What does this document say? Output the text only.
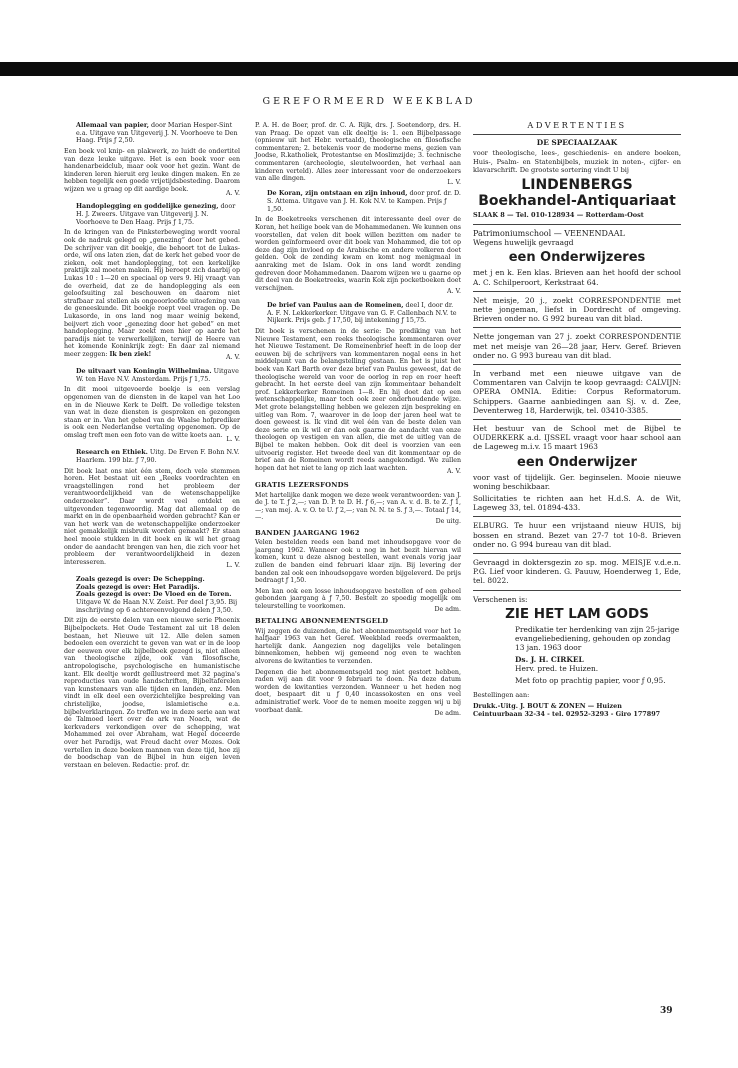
GEREFORMEERD WEEKBLAD
Allemaal van papier, door Marian Hesper-Sint e.a. Uitgave van Uitgeverij J. N. Voorhoeve te Den Haag. Prijs ƒ 2,50.

Een boek vol knip- en plakwerk, zo luidt de ondertitel van deze leuke uitgave. Het is een boek voor een handenarbeidclub, maar ook voor het gezin. Want de kinderen leren hieruit erg leuke dingen maken. En ze hebben tegelijk een goede vrijetijdsbesteding. Daarom wijzen we u graag op dit aardige boek.

A. V.
Handoplegging en goddelijke genezing, door H. J. Zweers. Uitgave van Uitgeverij J. N. Voorhoeve te Den Haag. Prijs ƒ 1,75.

In de kringen van de Pinksterbeweging wordt vooral ook de nadruk gelegd op „genezing” door het gebed. De schrijver van dit boekje, die behoort tot de Lukas-orde, wil ons laten zien, dat de kerk het gebed voor de zieken, ook met handoplegging, tot een kerkelijke praktijk zal moeten maken. Hij beroept zich daarbij op Lukas 10 : 1—20 en speciaal op vers 9. Hij vraagt van de overheid, dat ze de handoplegging als een geloofsuiting zal beschouwen en daarom niet strafbaar zal stellen als ongeoorloofde uitoefening van de geneeskunde. Dit boekje roept veel vragen op. De Lukasorde, in ons land nog maar weinig bekend, beijvert zich voor „genezing door het gebed” en met handoplegging. Maar zoekt men hier op aarde het paradijs niet te verwerkelijken, terwijl de Heere van het komende Koninkrijk zegt: En daar zal niemand meer zeggen: Ik ben ziek!

A. V.
De uitvaart van Koningin Wilhelmina. Uitgave W. ten Have N.V. Amsterdam. Prijs ƒ 1,75.

In dit mooi uitgevoerde boekje is een verslag opgenomen van de diensten in de kapel van het Loo en in de Nieuwe Kerk te Delft. De volledige teksten van wat in deze diensten is gesproken en gezongen staan er in. Van het gebed van de Waalse hofprediker is ook een Nederlandse vertaling opgenomen. Op de omslag treft men een foto van de witte koets aan.

L. V.
Research en Ethiek. Uitg. De Erven F. Bohn N.V. Haarlem. 199 blz. ƒ 7,90.

Dit boek laat ons niet één stem, doch vele stemmen horen. Het bestaat uit een „Reeks voordrachten en vraagstellingen rond het probleem der verantwoordelijkheid van de wetenschappelijke onderzoeker”. Daar wordt veel ontdekt en uitgevonden tegenwoordig. Mag dat allemaal op de markt en in de openbaarheid worden gebracht? Kan er van het werk van de wetenschappelijke onderzoeker niet gemakkelijk misbruik worden gemaakt? Er staan heel mooie stukken in dit boek en ik wil het graag onder de aandacht brengen van hen, die zich voor het probleem der verantwoordelijkheid in dezen interesseren.

L. V.
Zoals gezegd is over: De Schepping.
Zoals gezegd is over: Het Paradijs.
Zoals gezegd is over: De Vloed en de Toren.
Uitgave W. de Haan N.V. Zeist. Per deel ƒ 3,95. Bij inschrijving op 6 achtereenvolgend delen ƒ 3,50.

Dit zijn de eerste delen van een nieuwe serie Phoenix Bijbelpockets. Het Oude Testament zal uit 18 delen bestaan, het Nieuwe uit 12. Alle delen samen bedoelen een overzicht te geven van wat er in de loop der eeuwen over elk bijbelboek gezegd is, niet alleen van theologische zijde, ook van filosofische, antropologische, psychologische en humanistische kant. Elk deeltje wordt geïllustreerd met 32 pagina's reproducties van oude handschriften, Bijbeltaferelen van kunstenaars van alle tijden en landen, enz. Men vindt in elk deel een overzichtelijke bespreking van christelijke, joodse, islamietische e.a. bijbelverklaringen. Zo treffen we in deze serie aan wat de Talmoed leert over de ark van Noach, wat de kerkvaders verkondigen over de schepping, wat Mohammed zei over Abraham, wat Hegel doceerde over het Paradijs, wat Freud dacht over Mozes. Ook vertellen in deze boeken mannen van deze tijd, hoe zij de boodschap van de Bijbel in hun eigen leven verstaan en beleven. Redactie: prof. dr.

P. A. H. de Boer, prof. dr. C. A. Rijk, drs. J. Soetendorp, drs. H. van Praag. De opzet van elk deeltje is: 1. een Bijbelpassage (opnieuw uit het Hebr. vertaald), theologische en filosofische commentaren; 2. betekenis voor de moderne mens, gezien van Joodse, R.katholiek, Protestantse en Moslimzijde; 3. technische commentaren (archeologie, sleutelwoorden, het verhaal aan kinderen verteld). Alles zeer interessant voor de onderzoekers van alle dingen.

L. V.
De Koran, zijn ontstaan en zijn inhoud, door prof. dr. D. S. Attema. Uitgave van J. H. Kok N.V. te Kampen. Prijs ƒ 1,50.

In de Boeketreeks verschenen dit interessante deel over de Koran, het heilige boek van de Mohammedanen. We kunnen ons voorstellen, dat velen dit boek willen bezitten om nader te worden geïnformeerd over dit boek van Mohammed, die tot op deze dag zijn invloed op de Arabische en andere volkeren doet gelden. Ook de zending kwam en komt nog menigmaal in aanraking met de Islam. Ook in ons land wordt zending gedreven door Mohammedanen. Daarom wijzen we u gaarne op dit deel van de Boeketreeks, waarin Kok zijn pocketboeken doet verschijnen.

A. V.
De brief van Paulus aan de Romeinen, deel I, door dr. A. F. N. Lekkerkerker. Uitgave van G. F. Callenbach N.V. te Nijkerk. Prijs geb. ƒ 17,50, bij intekening ƒ 15,75.

Dit boek is verschenen in de serie: De prediking van het Nieuwe Testament, een reeks theologische kommentaren over het Nieuwe Testament. De Romeinenbrief heeft in de loop der eeuwen bij de schrijvers van kommentaren nogal eens in het middelpunt van de belangstelling gestaan. En het is juist het boek van Karl Barth over deze brief van Paulus geweest, dat de theologische wereld van voor de oorlog in rep en roer heeft gebracht. In het eerste deel van zijn kommentaar behandelt prof. Lekkerkerker Romeinen 1—8. En hij doet dat op een wetenschappelijke, maar toch ook zeer onderhoudende wijze. Met grote belangstelling hebben we gelezen zijn bespreking en uitleg van Rom. 7, waarover in de loop der jaren heel wat te doen geweest is. Ik vind dit wel één van de beste delen van deze serie en ik wil er dan ook gaarne de aandacht van onze theologen op vestigen en van allen, die met de uitleg van de Bijbel te maken hebben. Ook dit deel is voorzien van een uitvoerig register. Het tweede deel van dit kommentaar op de brief aan de Romeinen wordt reeds aangekondigd. We zullen hopen dat het niet te lang op zich laat wachten.

A. V.
GRATIS LEZERSFONDS

Met hartelijke dank mogen we deze week verantwoorden: van J. de J. te T. ƒ 2,—; van D. P. te D. H. ƒ 6,—; van A. v. d. B. te Z. ƒ 1,—; van mej. A. v. O. te U. ƒ 2,—; van N. N. te S. ƒ 3,—. Totaal ƒ 14,—.

De uitg.
BANDEN JAARGANG 1962

Velen bestelden reeds een band met inhoudsopgave voor de jaargang 1962. Wanneer ook u nog in het bezit hiervan wil komen, kunt u deze alsnog bestellen, want evenals vorig jaar zullen de banden eind februari klaar zijn. Bij levering der banden zal ook een inhoudsopgave worden bijgeleverd. De prijs bedraagt ƒ 1,50.

Men kan ook een losse inhoudsopgave bestellen of een geheel gebonden jaargang à ƒ 7,50. Bestelt zo spoedig mogelijk om teleurstelling te voorkomen.

De adm.
BETALING ABONNEMENTSGELD

Wij zeggen de duizenden, die het abonnementsgeld voor het 1e halfjaar 1963 van het Geref. Weekblad reeds overmaakten, hartelijk dank. Aangezien nog dagelijks vele betalingen binnenkomen, hebben wij gemeend nog even te wachten alvorens de kwitanties te verzenden.

Degenen die het abonnementsgeld nog niet gestort hebben, raden wij aan dit voor 9 februari te doen. Na deze datum worden de kwitanties verzonden. Wanneer u het heden nog doet, bespaart dit u ƒ 0,40 incassokosten en ons veel administratief werk. Voor de te nemen moeite zeggen wij u bij voorbaat dank.

De adm.
ADVERTENTIES
DE SPECIAALZAAK

voor theologische, lees-, geschiedenis- en andere boeken, Huis-, Psalm- en Statenbijbels, muziek in noten-, cijfer- en klavarschrift. De grootste sortering vindt U bij

LINDENBERGS
Boekhandel-Antiquariaat
SLAAK 8 — Tel. 010-128934 — Rotterdam-Oost
Patrimoniumschool — VEENENDAAL
Wegens huwelijk gevraagd
een Onderwijzeres

met j en k. Een klas. Brieven aan het hoofd der school A. C. Schilperoort, Kerkstraat 64.

Net meisje, 20 j., zoekt CORRESPONDENTIE met nette jongeman, liefst in Dordrecht of omgeving. Brieven onder no. G 992 bureau van dit blad.

Nette jongeman van 27 j. zoekt CORRESPONDENTIE met net meisje van 26—28 jaar, Herv. Geref. Brieven onder no. G 993 bureau van dit blad.

In verband met een nieuwe uitgave van de Commentaren van Calvijn te koop gevraagd: CALVIJN: OPERA OMNIA. Editie: Corpus Reformatorum. Schippers. Gaarne aanbiedingen aan Sj. v. d. Zee, Deventerweg 18, Harderwijk, tel. 03410-3385.

Het bestuur van de School met de Bijbel te OUDERKERK a.d. IJSSEL vraagt voor haar school aan de Lageweg m.i.v. 15 maart 1963

een Onderwijzer

voor vast of tijdelijk. Ger. beginselen. Mooie nieuwe woning beschikbaar.

Sollicitaties te richten aan het H.d.S. A. de Wit, Lageweg 33, tel. 01894-433.

ELBURG. Te huur een vrijstaand nieuw HUIS, bij bossen en strand. Bezet van 27-7 tot 10-8. Brieven onder no. G 994 bureau van dit blad.

Gevraagd in doktersgezin zo sp. mog. MEISJE v.d.e.n. P.G. Lief voor kinderen. G. Pauuw, Hoenderweg 1, Ede, tel. 8022.

Verschenen is:
ZIE HET LAM GODS
Predikatie ter herdenking van zijn 25-jarige evangeliebediening, gehouden op zondag 13 jan. 1963 door
Ds. J. H. CIRKEL
Herv. pred. te Huizen.
Met foto op prachtig papier, voor ƒ 0,95.
Bestellingen aan:
Drukk.-Uitg. J. BOUT & ZONEN — Huizen
Ceintuurbaan 32-34 - tel. 02952-3293 - Giro 177897
39
